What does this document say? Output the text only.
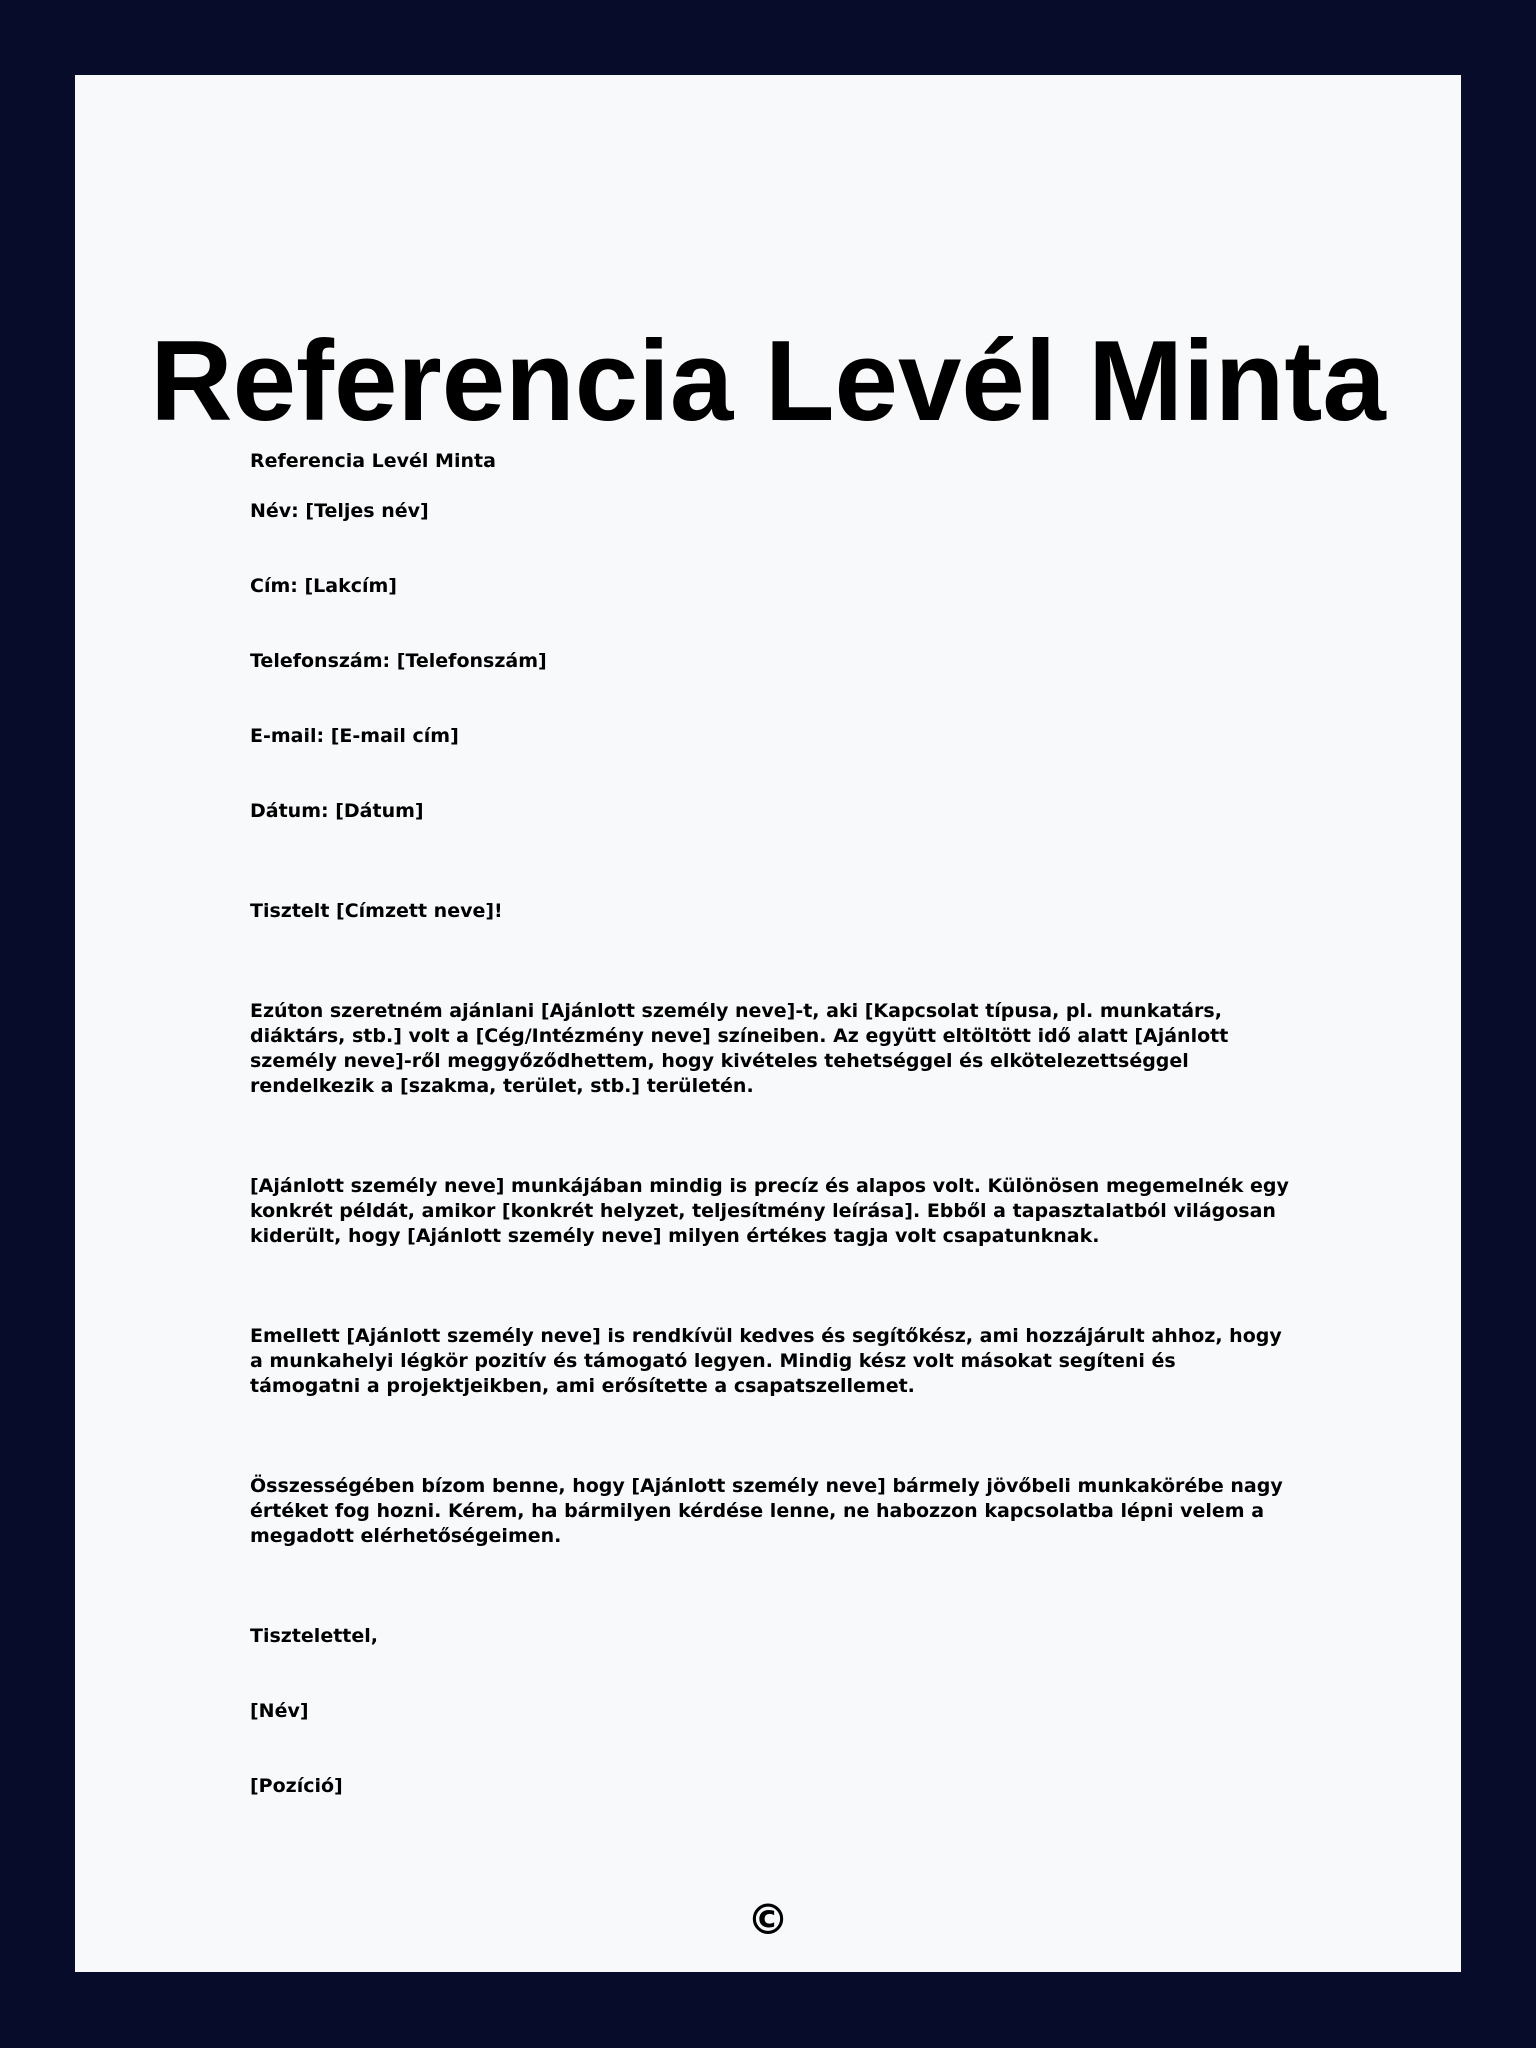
Referencia Levél Minta

Referencia Levél Minta

Név: [Teljes név]

Cím: [Lakcím]

Telefonszám: [Telefonszám]

E-mail: [E-mail cím]

Dátum: [Dátum]

Tisztelt [Címzett neve]!

Ezúton szeretném ajánlani [Ajánlott személy neve]-t, aki [Kapcsolat típusa, pl. munkatárs, diáktárs, stb.] volt a [Cég/Intézmény neve] színeiben. Az együtt eltöltött idő alatt [Ajánlott személy neve]-ről meggyőződhettem, hogy kivételes tehetséggel és elkötelezettséggel rendelkezik a [szakma, terület, stb.] területén.

[Ajánlott személy neve] munkájában mindig is precíz és alapos volt. Különösen megemelnék egy konkrét példát, amikor [konkrét helyzet, teljesítmény leírása]. Ebből a tapasztalatból világosan kiderült, hogy [Ajánlott személy neve] milyen értékes tagja volt csapatunknak.

Emellett [Ajánlott személy neve] is rendkívül kedves és segítőkész, ami hozzájárult ahhoz, hogy a munkahelyi légkör pozitív és támogató legyen. Mindig kész volt másokat segíteni és támogatni a projektjeikben, ami erősítette a csapatszellemet.

Összességében bízom benne, hogy [Ajánlott személy neve] bármely jövőbeli munkakörébe nagy értéket fog hozni. Kérem, ha bármilyen kérdése lenne, ne habozzon kapcsolatba lépni velem a megadott elérhetőségeimen.

Tisztelettel,

[Név]

[Pozíció]

©
